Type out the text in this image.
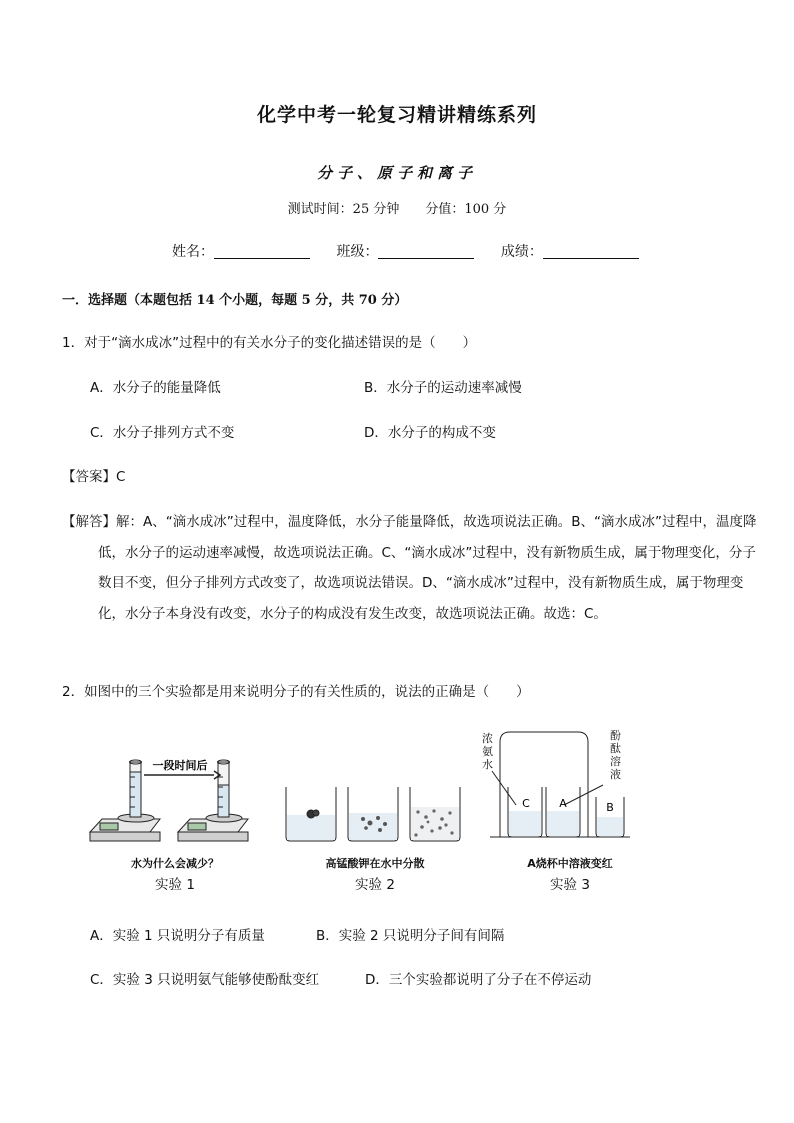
化学中考一轮复习精讲精练系列
分子、原子和离子
测试时间：25 分钟 分值：100 分
姓名：	班级：	成绩：
一．选择题（本题包括 14 个小题，每题 5 分，共 70 分）
1．对于“滴水成冰”过程中的有关水分子的变化描述错误的是（　　）
A．水分子的能量降低	B．水分子的运动速率减慢
C．水分子排列方式不变	D．水分子的构成不变
【答案】C
【解答】解：A、“滴水成冰”过程中，温度降低，水分子能量降低，故选项说法正确。B、“滴水成冰”过程中，温度降低，水分子的运动速率减慢，故选项说法正确。C、“滴水成冰”过程中，没有新物质生成，属于物理变化，分子数目不变，但分子排列方式改变了，故选项说法错误。D、“滴水成冰”过程中，没有新物质生成，属于物理变化，水分子本身没有改变，水分子的构成没有发生改变，故选项说法正确。故选：C。
2．如图中的三个实验都是用来说明分子的有关性质的，说法的正确是（　　）
一段时间后
C	A	B
浓氨水
酚酞溶液
水为什么会减少？
实验 1
高锰酸钾在水中分散
实验 2
A烧杯中溶液变红
实验 3
A．实验 1 只说明分子有质量	B．实验 2 只说明分子间有间隔
C．实验 3 只说明氨气能够使酚酞变红	D．三个实验都说明了分子在不停运动
